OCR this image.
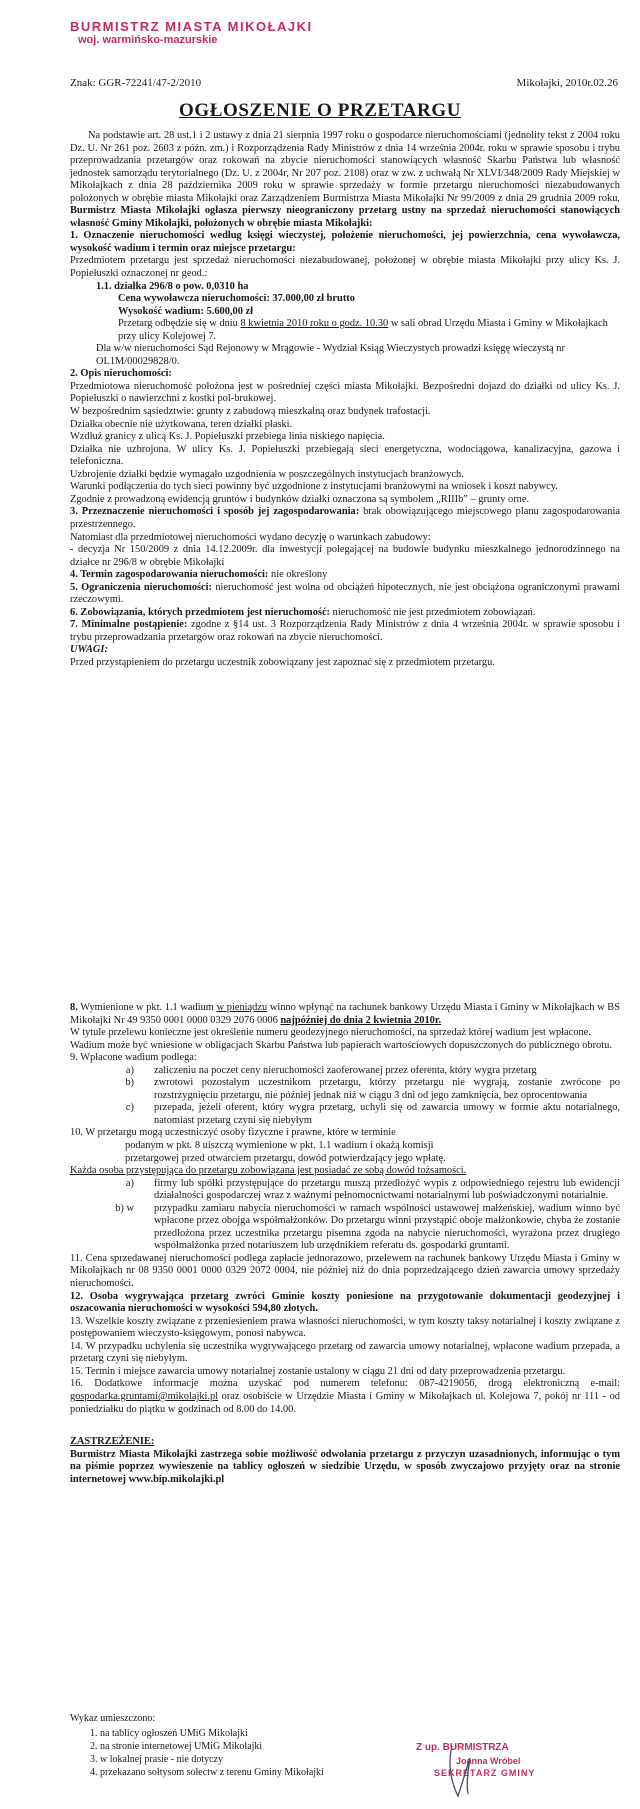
BURMISTRZ MIASTA MIKOŁAJKI
woj. warmińsko-mazurskie
Znak: GGR-72241/47-2/2010	Mikołajki, 2010r.02.26
OGŁOSZENIE O PRZETARGU

Na podstawie art. 28 ust.1 i 2 ustawy z dnia 21 sierpnia 1997 roku o gospodarce nieruchomościami (jednolity tekst z 2004 roku Dz. U. Nr 261 poz. 2603 z późn. zm.) i Rozporządzenia Rady Ministrów z dnia 14 września 2004r. roku w sprawie sposobu i trybu przeprowadzania przetargów oraz rokowań na zbycie nieruchomości stanowiących własność Skarbu Państwa lub własność jednostek samorządu terytorialnego (Dz. U. z 2004r, Nr 207 poz. 2108) oraz w zw. z uchwałą Nr XLVI/348/2009 Rady Miejskiej w Mikołajkach z dnia 28 października 2009 roku w sprawie sprzedaży w formie przetargu nieruchomości niezabudowanych położonych w obrębie miasta Mikołajki oraz Zarządzeniem Burmistrza Miasta Mikołajki Nr 99/2009 z dnia 29 grudnia 2009 roku, Burmistrz Miasta Mikołajki ogłasza pierwszy nieograniczony przetarg ustny na sprzedaż nieruchomości stanowiących własność Gminy Mikołajki, położonych w obrębie miasta Mikołajki:

1. Oznaczenie nieruchomości według księgi wieczystej, położenie nieruchomości, jej powierzchnia, cena wywoławcza, wysokość wadium i termin oraz miejsce przetargu:

Przedmiotem przetargu jest sprzedaż nieruchomości niezabudowanej, położonej w obrębie miasta Mikołajki przy ulicy Ks. J. Popiełuszki oznaczonej nr geod.:

1.1. działka 296/8 o pow. 0,0310 ha

Cena wywoławcza nieruchomości: 37.000,00 zł brutto

Wysokość wadium: 5.600,00 zł

Przetarg odbędzie się w dniu 8 kwietnia 2010 roku o godz. 10.30 w sali obrad Urzędu Miasta i Gminy w Mikołajkach przy ulicy Kolejowej 7.

Dla w/w nieruchomości Sąd Rejonowy w Mrągowie - Wydział Ksiąg Wieczystych prowadzi księgę wieczystą nr OL1M/00029828/0.

2. Opis nieruchomości:

Przedmiotowa nieruchomość położona jest w pośredniej części miasta Mikołajki. Bezpośredni dojazd do działki od ulicy Ks. J. Popiełuszki o nawierzchni z kostki pol-brukowej.

W bezpośrednim sąsiedztwie: grunty z zabudową mieszkalną oraz budynek trafostacji.

Działka obecnie nie użytkowana, teren działki płaski.

Wzdłuż granicy z ulicą Ks. J. Popiełuszki przebiega linia niskiego napięcia.

Działka nie uzbrojona. W ulicy Ks. J. Popiełuszki przebiegają sieci energetyczna, wodociągowa, kanalizacyjna, gazowa i telefoniczna.

Uzbrojenie działki będzie wymagało uzgodnienia w poszczególnych instytucjach branżowych.

Warunki podłączenia do tych sieci powinny być uzgodnione z instytucjami branżowymi na wniosek i koszt nabywcy.

Zgodnie z prowadzoną ewidencją gruntów i budynków działki oznaczona są symbolem „RIIIb” – grunty orne.

3. Przeznaczenie nieruchomości i sposób jej zagospodarowania: brak obowiązującego miejscowego planu zagospodarowania przestrzennego.

Natomiast dla przedmiotowej nieruchomości wydano decyzję o warunkach zabudowy:

- decyzja Nr 150/2009 z dnia 14.12.2009r. dla inwestycji polegającej na budowie budynku mieszkalnego jednorodzinnego na działce nr 296/8 w obrębie Mikołajki

4. Termin zagospodarowania nieruchomości: nie określony

5. Ograniczenia nieruchomości: nieruchomość jest wolna od obciążeń hipotecznych, nie jest obciążona ograniczonymi prawami rzeczowymi.

6. Zobowiązania, których przedmiotem jest nieruchomość: nieruchomość nie jest przedmiotem zobowiązań.

7. Minimalne postąpienie: zgodne z §14 ust. 3 Rozporządzenia Rady Ministrów z dnia 4 września 2004r. w sprawie sposobu i trybu przeprowadzania przetargów oraz rokowań na zbycie nieruchomości.

UWAGI:

Przed przystąpieniem do przetargu uczestnik zobowiązany jest zapoznać się z przedmiotem przetargu.

8. Wymienione w pkt. 1.1 wadium w pieniądzu winno wpłynąć na rachunek bankowy Urzędu Miasta i Gminy w Mikołajkach w BS Mikołajki Nr 49 9350 0001 0000 0329 2076 0006 najpóźniej do dnia 2 kwietnia 2010r.

W tytule przelewu konieczne jest określenie numeru geodezyjnego nieruchomości, na sprzedaż której wadium jest wpłacone.

Wadium może być wniesione w obligacjach Skarbu Państwa lub papierach wartościowych dopuszczonych do publicznego obrotu.

9. Wpłacone wadium podlega:

a)	zaliczeniu na poczet ceny nieruchomości zaoferowanej przez oferenta, który wygra przetarg
b)	zwrotowi pozostałym uczestnikom przetargu, którzy przetargu nie wygrają, zostanie zwrócone po rozstrzygnięciu przetargu, nie później jednak niż w ciągu 3 dni od jego zamknięcia, bez oprocentowania
c)	przepada, jeżeli oferent, który wygra przetarg, uchyli się od zawarcia umowy w formie aktu notarialnego, natomiast przetarg czyni się niebyłym

10. W przetargu mogą uczestniczyć osoby fizyczne i prawne, które w terminie

podanym w pkt. 8 uiszczą wymienione w pkt. 1.1 wadium i okażą komisji

przetargowej przed otwarciem przetargu, dowód potwierdzający jego wpłatę.

Każda osoba przystępująca do przetargu zobowiązana jest posiadać ze sobą dowód tożsamości.

a)	firmy lub spółki przystępujące do przetargu muszą przedłożyć wypis z odpowiedniego rejestru lub ewidencji działalności gospodarczej wraz z ważnymi pełnomocnictwami notarialnymi lub poświadczonymi notarialnie.
b) w	przypadku zamiaru nabycia nieruchomości w ramach wspólności ustawowej małżeńskiej, wadium winno być wpłacone przez obojga współmałżonków. Do przetargu winni przystąpić oboje małżonkowie, chyba że zostanie przedłożona przez uczestnika przetargu pisemna zgoda na nabycie nieruchomości, wyrażona przez drugiego współmałżonka przed notariuszem lub urzędnikiem referatu ds. gospodarki gruntami.

11. Cena sprzedawanej nieruchomości podlega zapłacie jednorazowo, przelewem na rachunek bankowy Urzędu Miasta i Gminy w Mikołajkach nr 08 9350 0001 0000 0329 2072 0004, nie później niż do dnia poprzedzającego dzień zawarcia umowy sprzedaży nieruchomości.

12. Osoba wygrywająca przetarg zwróci Gminie koszty poniesione na przygotowanie dokumentacji geodezyjnej i oszacowania nieruchomości w wysokości 594,80 złotych.

13. Wszelkie koszty związane z przeniesieniem prawa własności nieruchomości, w tym koszty taksy notarialnej i koszty związane z postępowaniem wieczysto-księgowym, ponosi nabywca.

14. W przypadku uchylenia się uczestnika wygrywającego przetarg od zawarcia umowy notarialnej, wpłacone wadium przepada, a przetarg czyni się niebyłym.

15. Termin i miejsce zawarcia umowy notarialnej zostanie ustalony w ciągu 21 dni od daty przeprowadzenia przetargu.

16. Dodatkowe informacje można uzyskać pod numerem telefonu: 087-4219056, drogą elektroniczną e-mail: gospodarka.gruntami@mikolajki.pl oraz osobiście w Urzędzie Miasta i Gminy w Mikołajkach ul. Kolejowa 7, pokój nr 111 - od poniedziałku do piątku w godzinach od 8.00 do 14.00.

ZASTRZEŻENIE:

Burmistrz Miasta Mikołajki zastrzega sobie możliwość odwołania przetargu z przyczyn uzasadnionych, informując o tym na piśmie poprzez wywieszenie na tablicy ogłoszeń w siedzibie Urzędu, w sposób zwyczajowo przyjęty oraz na stronie internetowej www.bip.mikolajki.pl

Wykaz umieszczono:
1. na tablicy ogłoszeń UMiG Mikołajki
2. na stronie internetowej UMiG Mikołajki
3. w lokalnej prasie - nie dotyczy
4. przekazano sołtysom sołectw z terenu Gminy Mikołajki
Z up. BURMISTRZA
Joanna Wróbel
SEKRETARZ GMINY
